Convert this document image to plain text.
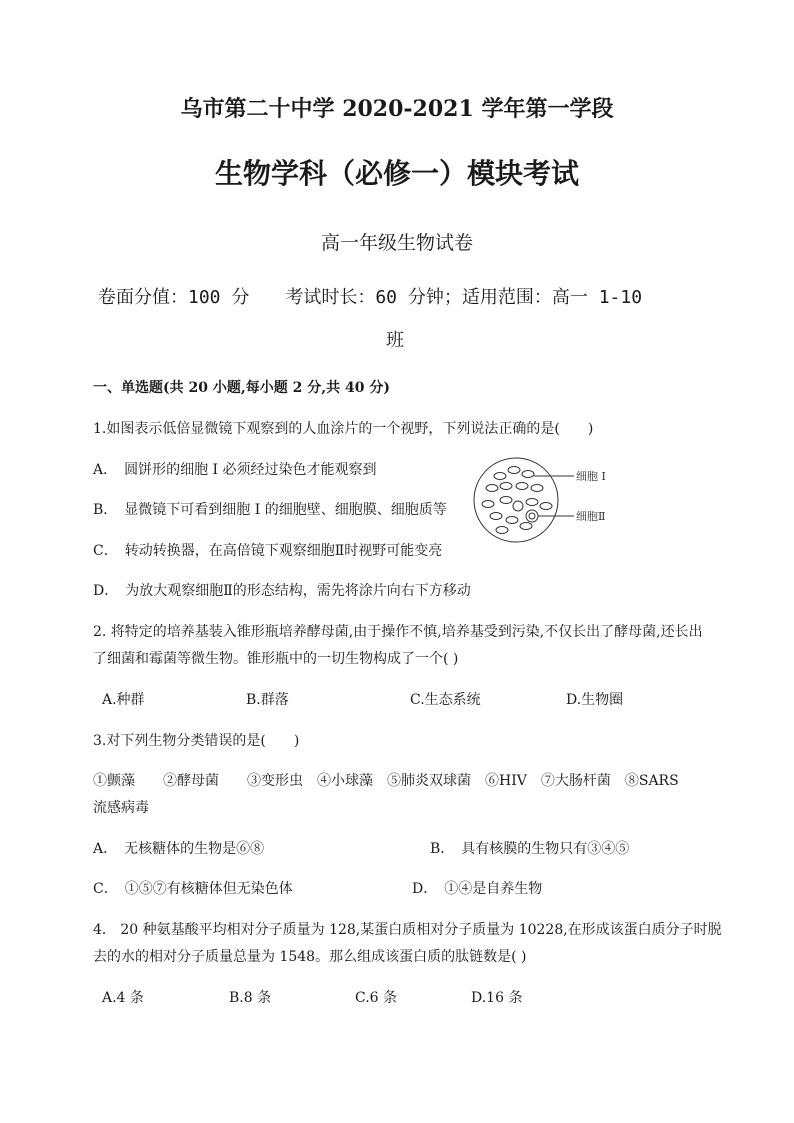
乌市第二十中学 2020-2021 学年第一学段
生物学科（必修一）模块考试
高一年级生物试卷
卷面分值：100 分　　考试时长：60 分钟；适用范围：高一 1-10
班
一、单选题(共 20 小题,每小题 2 分,共 40 分)
1.如图表示低倍显微镜下观察到的人血涂片的一个视野，下列说法正确的是(　　)
A．　圆饼形的细胞 I 必须经过染色才能观察到
B．　显微镜下可看到细胞 I 的细胞壁、细胞膜、细胞质等
C．　转动转换器，在高倍镜下观察细胞Ⅱ时视野可能变亮
D．　为放大观察细胞Ⅱ的形态结构，需先将涂片向右下方移动
细胞 I
细胞Ⅱ
2. 将特定的培养基装入锥形瓶培养酵母菌,由于操作不慎,培养基受到污染,不仅长出了酵母菌,还长出
了细菌和霉菌等微生物。锥形瓶中的一切生物构成了一个( )
A.种群	B.群落	C.生态系统	D.生物圈
3.对下列生物分类错误的是(　　)
①颤藻　　②酵母菌　　③变形虫　④小球藻　⑤肺炎双球菌　⑥HIV　⑦大肠杆菌　⑧SARS
流感病毒
A．　无核糖体的生物是⑥⑧	B．　具有核膜的生物只有③④⑤
C．　①⑤⑦有核糖体但无染色体	D．　①④是自养生物
4． 20 种氨基酸平均相对分子质量为 128,某蛋白质相对分子质量为 10228,在形成该蛋白质分子时脱
去的水的相对分子质量总量为 1548。那么组成该蛋白质的肽链数是( )
A.4 条	B.8 条	C.6 条	D.16 条
